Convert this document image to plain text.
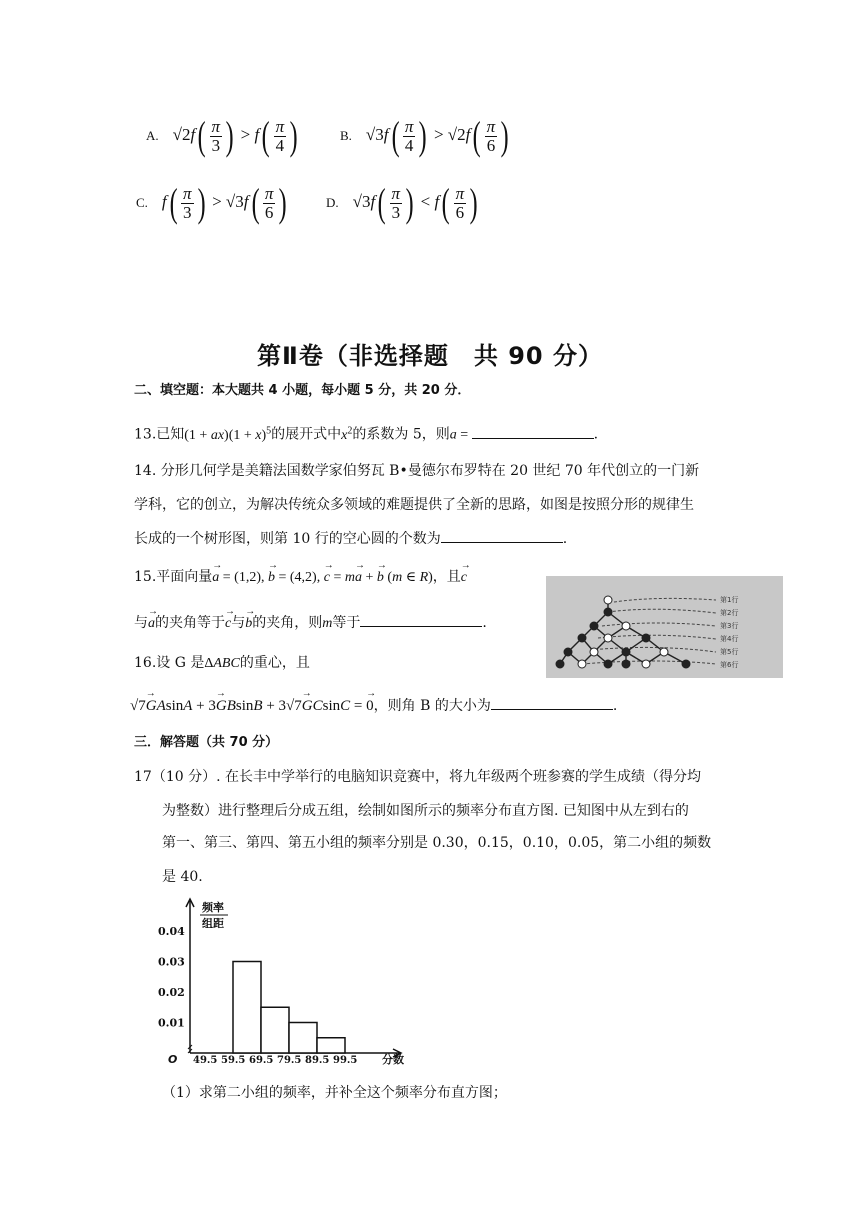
A. $√2f( \frac{\pi}{3}$ ) > $f( \frac{\pi}{4}$ )	B. $√3f( \frac{\pi}{4}$ ) > $√2f( \frac{\pi}{6}$ )
C. $f( \frac{\pi}{3}$ ) > $√3f( \frac{\pi}{6}$ )	D. $√3f( \frac{\pi}{3}$ ) < $f( \frac{\pi}{6}$ )
第Ⅱ卷（非选择题　共 90 分）
二、填空题：本大题共 4 小题，每小题 5 分，共 20 分．
13.已知$(1 + ax)(1 + x)^5$的展开式中$x^2$的系数为 5，则a =	.
14. 分形几何学是美籍法国数学家伯努瓦 B•曼德尔布罗特在 20 世纪 70 年代创立的一门新
学科，它的创立，为解决传统众多领域的难题提供了全新的思路，如图是按照分形的规律生
长成的一个树形图，则第 10 行的空心圆的个数为	.
15.平面向量→ a = (1,2), → b = (4,2), → c = m→ a + → b (m ∈ R)，且→ c
与→ a的夹角等于→ c与→ b的夹角，则m等于	.
第1行
第2行
第3行
第4行
第5行
第6行
16.设 G 是ΔABC的重心，且
√7→ GAsinA + 3→ GBsinB + 3√7→ GCsinC = → 0，则角 B 的大小为	.
三．解答题（共 70 分）
17（10 分）. 在长丰中学举行的电脑知识竞赛中，将九年级两个班参赛的学生成绩（得分均
为整数）进行整理后分成五组，绘制如图所示的频率分布直方图. 已知图中从左到右的
第一、第三、第四、第五小组的频率分别是 0.30，0.15，0.10，0.05，第二小组的频数
是 40.
频率
组距
O	分数
0.01
0.02
0.03
0.04
49.5 59.5 69.5 79.5 89.5 99.5
（1）求第二小组的频率，并补全这个频率分布直方图；
